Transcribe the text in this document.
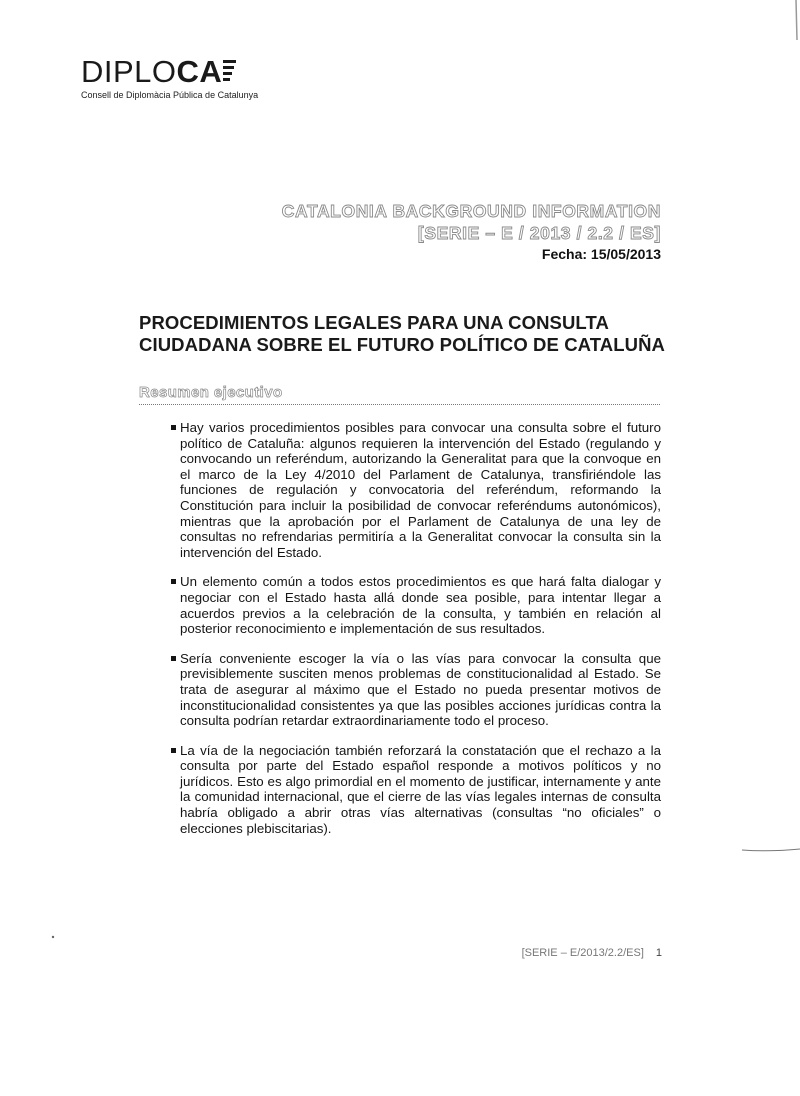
DIPLOCA
Consell de Diplomàcia Pública de Catalunya
CATALONIA BACKGROUND INFORMATION
[SERIE – E / 2013 / 2.2 / ES]
Fecha: 15/05/2013
PROCEDIMIENTOS LEGALES PARA UNA CONSULTA
CIUDADANA SOBRE EL FUTURO POLÍTICO DE CATALUÑA
Resumen ejecutivo
Hay varios procedimientos posibles para convocar una consulta sobre el futuro político de Cataluña: algunos requieren la intervención del Estado (regulando y convocando un referéndum, autorizando la Generalitat para que la convoque en el marco de la Ley 4/2010 del Parlament de Catalunya, transfiriéndole las funciones de regulación y convocatoria del referéndum, reformando la Constitución para incluir la posibilidad de convocar referéndums autonómicos), mientras que la aprobación por el Parlament de Catalunya de una ley de consultas no refrendarias permitiría a la Generalitat convocar la consulta sin la intervención del Estado.
Un elemento común a todos estos procedimientos es que hará falta dialogar y negociar con el Estado hasta allá donde sea posible, para intentar llegar a acuerdos previos a la celebración de la consulta, y también en relación al posterior reconocimiento e implementación de sus resultados.
Sería conveniente escoger la vía o las vías para convocar la consulta que previsiblemente susciten menos problemas de constitucionalidad al Estado. Se trata de asegurar al máximo que el Estado no pueda presentar motivos de inconstitucionalidad consistentes ya que las posibles acciones jurídicas contra la consulta podrían retardar extraordinariamente todo el proceso.
La vía de la negociación también reforzará la constatación que el rechazo a la consulta por parte del Estado español responde a motivos políticos y no jurídicos. Esto es algo primordial en el momento de justificar, internamente y ante la comunidad internacional, que el cierre de las vías legales internas de consulta habría obligado a abrir otras vías alternativas (consultas “no oficiales” o elecciones plebiscitarias).
[SERIE – E/2013/2.2/ES] 1
